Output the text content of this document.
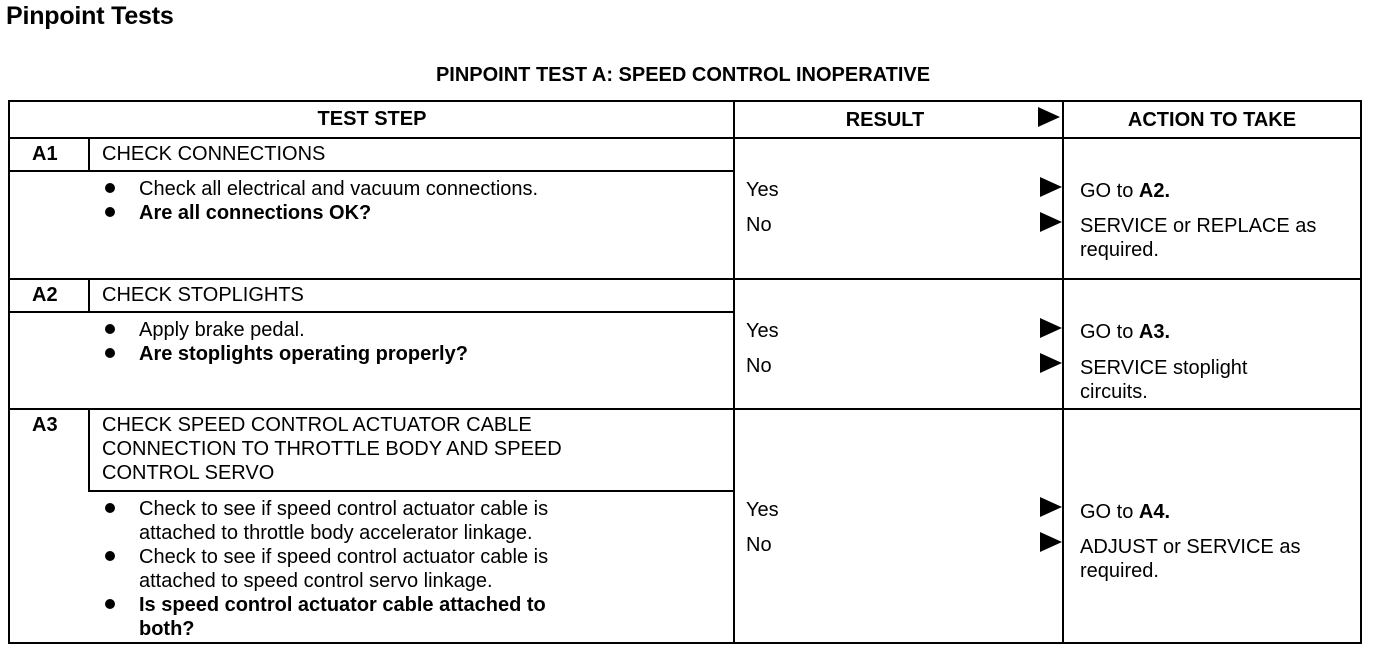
Pinpoint Tests
PINPOINT TEST A: SPEED CONTROL INOPERATIVE
TEST STEP	RESULT	ACTION TO TAKE
A1 CHECK CONNECTIONS
Check all electrical and vacuum connections.
Are all connections OK?
Yes	GO to A2.
No	SERVICE or REPLACE as
required.
A2 CHECK STOPLIGHTS
Apply brake pedal.
Are stoplights operating properly?
Yes	GO to A3.
No	SERVICE stoplight
circuits.
A3 CHECK SPEED CONTROL ACTUATOR CABLE
CONNECTION TO THROTTLE BODY AND SPEED
CONTROL SERVO
Check to see if speed control actuator cable is
attached to throttle body accelerator linkage.
Check to see if speed control actuator cable is
attached to speed control servo linkage.
Is speed control actuator cable attached to
both?
Yes	GO to A4.
No	ADJUST or SERVICE as
required.
